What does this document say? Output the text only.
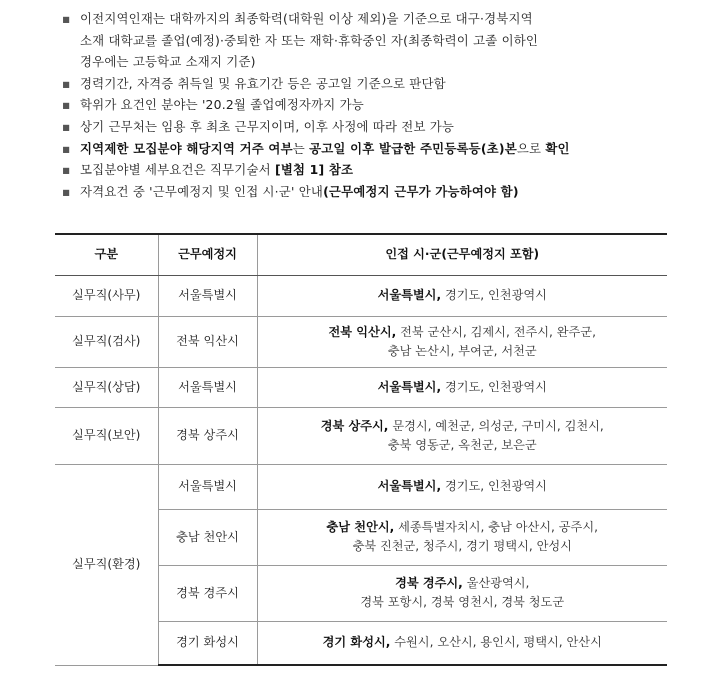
▪ 이전지역인재는 대학까지의 최종학력(대학원 이상 제외)을 기준으로 대구·경북지역
소재 대학교를 졸업(예정)·중퇴한 자 또는 재학·휴학중인 자(최종학력이 고졸 이하인
경우에는 고등학교 소재지 기준)
▪ 경력기간, 자격증 취득일 및 유효기간 등은 공고일 기준으로 판단함
▪ 학위가 요건인 분야는 '20.2월 졸업예정자까지 가능
▪ 상기 근무처는 임용 후 최초 근무지이며, 이후 사정에 따라 전보 가능
▪ 지역제한 모집분야 해당지역 거주 여부는 공고일 이후 발급한 주민등록등(초)본으로 확인
▪ 모집분야별 세부요건은 직무기술서 [별첨 1] 참조
▪ 자격요건 중 '근무예정지 및 인접 시·군' 안내(근무예정지 근무가 가능하여야 함)
구분	근무예정지	인접 시·군(근무예정지 포함)
실무직(사무)	서울특별시	서울특별시, 경기도, 인천광역시
실무직(검사)	전북 익산시	전북 익산시, 전북 군산시, 김제시, 전주시, 완주군,
충남 논산시, 부여군, 서천군

실무직(상담)	서울특별시	서울특별시, 경기도, 인천광역시
실무직(보안)	경북 상주시	경북 상주시, 문경시, 예천군, 의성군, 구미시, 김천시,
충북 영동군, 옥천군, 보은군

실무직(환경)	서울특별시	서울특별시, 경기도, 인천광역시
	충남 천안시	충남 천안시, 세종특별자치시, 충남 아산시, 공주시,
충북 진천군, 청주시, 경기 평택시, 안성시

	경북 경주시	경북 경주시, 울산광역시,
경북 포항시, 경북 영천시, 경북 청도군

	경기 화성시	경기 화성시, 수원시, 오산시, 용인시, 평택시, 안산시
